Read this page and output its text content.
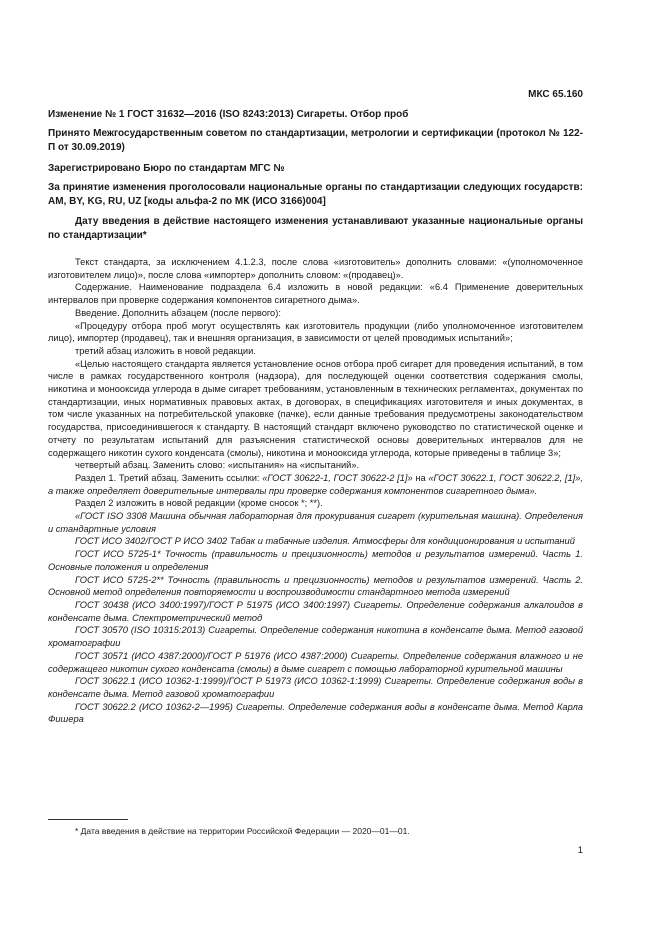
МКС 65.160

Изменение № 1 ГОСТ 31632—2016 (ISO 8243:2013) Сигареты. Отбор проб

Принято Межгосударственным советом по стандартизации, метрологии и сертификации (протокол № 122-П от 30.09.2019)

Зарегистрировано Бюро по стандартам МГС №

За принятие изменения проголосовали национальные органы по стандартизации следующих государств: AM, BY, KG, RU, UZ [коды альфа-2 по МК (ИСО 3166)004]

Дату введения в действие настоящего изменения устанавливают указанные национальные органы по стандартизации*

Текст стандарта, за исключением 4.1.2.3, после слова «изготовитель» дополнить словами: «(уполномоченное изготовителем лицо)», после слова «импортер» дополнить словом: «(продавец)».

Содержание. Наименование подраздела 6.4 изложить в новой редакции: «6.4 Применение доверительных интервалов при проверке содержания компонентов сигаретного дыма».

Введение. Дополнить абзацем (после первого):

«Процедуру отбора проб могут осуществлять как изготовитель продукции (либо уполномоченное изготовителем лицо), импортер (продавец), так и внешняя организация, в зависимости от целей проводимых испытаний»;

третий абзац изложить в новой редакции.

«Целью настоящего стандарта является установление основ отбора проб сигарет для проведения испытаний, в том числе в рамках государственного контроля (надзора), для последующей оценки соответствия содержания смолы, никотина и монооксида углерода в дыме сигарет требованиям, установленным в технических регламентах, документах по стандартизации, иных нормативных правовых актах, в договорах, в спецификациях изготовителя и иных документах, в том числе указанных на потребительской упаковке (пачке), если данные требования предусмотрены законодательством государства, присоединившегося к стандарту. В настоящий стандарт включено руководство по статистической оценке и отчету по результатам испытаний для разъяснения статистической основы доверительных интервалов для не содержащего никотин сухого конденсата (смолы), никотина и монооксида углерода, которые приведены в таблице 3»;

четвертый абзац. Заменить слово: «испытания» на «испытаний».

Раздел 1. Третий абзац. Заменить ссылки: «ГОСТ 30622-1, ГОСТ 30622-2 [1]» на «ГОСТ 30622.1, ГОСТ 30622.2, [1]», а также определяет доверительные интервалы при проверке содержания компонентов сигаретного дыма».

Раздел 2 изложить в новой редакции (кроме сносок *; **).

«ГОСТ ISO 3308 Машина обычная лабораторная для прокуривания сигарет (курительная машина). Определения и стандартные условия

ГОСТ ИСО 3402/ГОСТ Р ИСО 3402 Табак и табачные изделия. Атмосферы для кондиционирования и испытаний

ГОСТ ИСО 5725-1* Точность (правильность и прецизионность) методов и результатов измерений. Часть 1. Основные положения и определения

ГОСТ ИСО 5725-2** Точность (правильность и прецизионность) методов и результатов измерений. Часть 2. Основной метод определения повторяемости и воспроизводимости стандартного метода измерений

ГОСТ 30438 (ИСО 3400:1997)/ГОСТ Р 51975 (ИСО 3400:1997) Сигареты. Определение содержания алкалоидов в конденсате дыма. Спектрометрический метод

ГОСТ 30570 (ISO 10315:2013) Сигареты. Определение содержания никотина в конденсате дыма. Метод газовой хроматографии

ГОСТ 30571 (ИСО 4387:2000)/ГОСТ Р 51976 (ИСО 4387:2000) Сигареты. Определение содержания влажного и не содержащего никотин сухого конденсата (смолы) в дыме сигарет с помощью лабораторной курительной машины

ГОСТ 30622.1 (ИСО 10362-1:1999)/ГОСТ Р 51973 (ИСО 10362-1:1999) Сигареты. Определение содержания воды в конденсате дыма. Метод газовой хроматографии

ГОСТ 30622.2 (ИСО 10362-2—1995) Сигареты. Определение содержания воды в конденсате дымa. Метод Карла Фишера

* Дата введения в действие на территории Российской Федерации — 2020—01—01.
1
